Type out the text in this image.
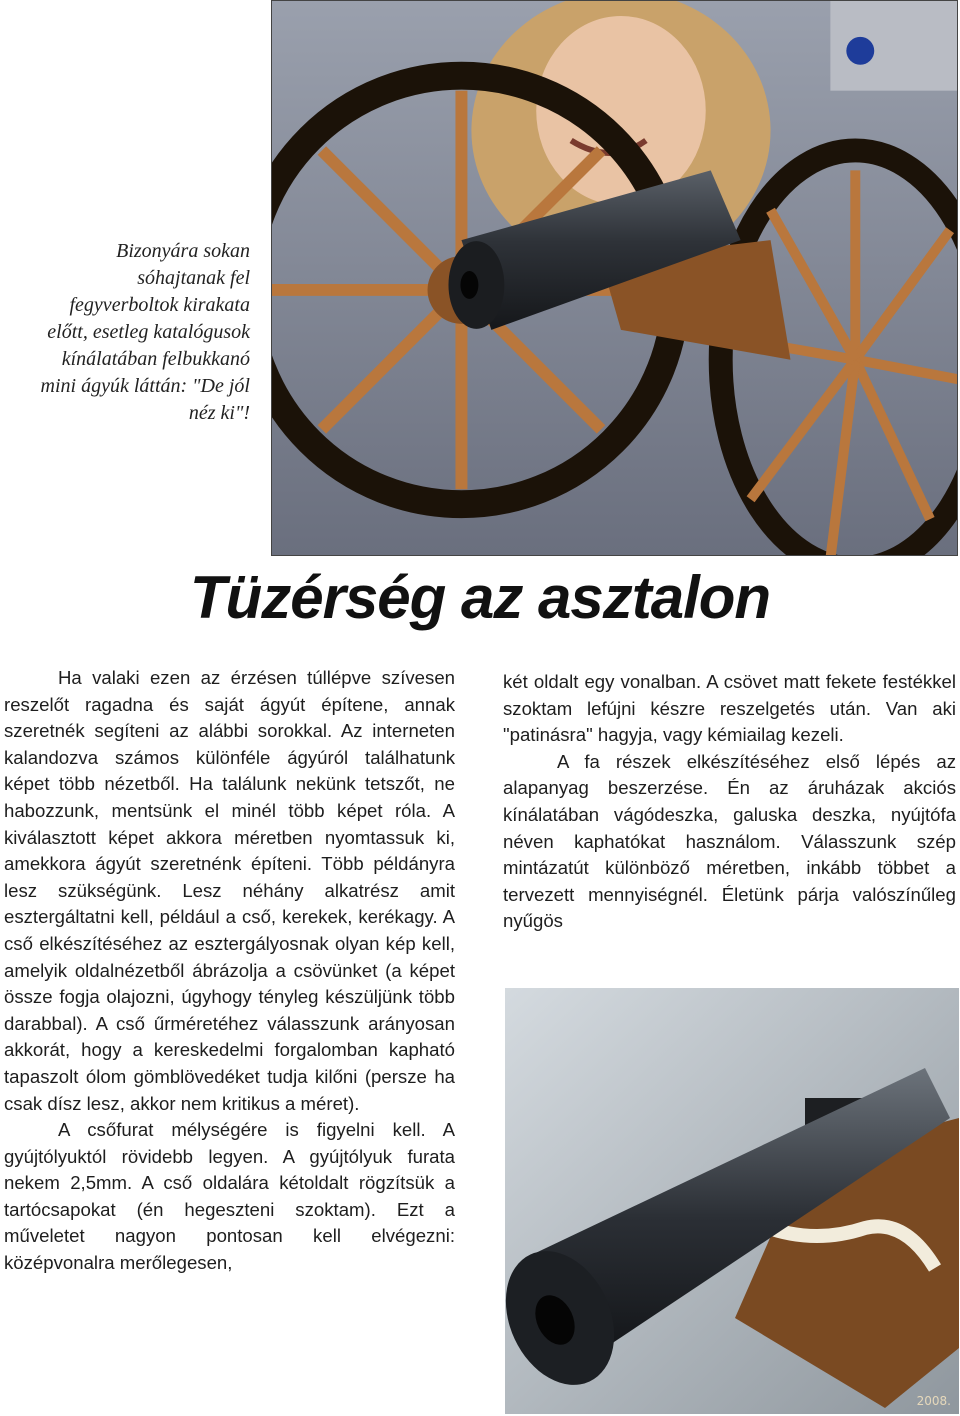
Bizonyára sokan sóhajtanak fel fegyverboltok kirakata előtt, esetleg katalógusok kínálatában felbukkanó mini ágyúk láttán: "De jól néz ki"!
Tüzérség az asztalon

Ha valaki ezen az érzésen túllépve szívesen reszelőt ragadna és saját ágyút építene, annak szeretnék segíteni az alábbi sorokkal. Az interneten kalandozva számos különféle ágyúról találhatunk képet több nézetből. Ha találunk nekünk tetszőt, ne habozzunk, mentsünk el minél több képet róla. A kiválasztott képet akkora méretben nyomtassuk ki, amekkora ágyút szeretnénk építeni. Több példányra lesz szükségünk. Lesz néhány alkatrész amit esztergáltatni kell, például a cső, kerekek, kerékagy. A cső elkészítéséhez az esztergályosnak olyan kép kell, amelyik oldalnézetből ábrázolja a csövünket (a képet össze fogja olajozni, úgyhogy tényleg készüljünk több darabbal). A cső űrméretéhez válasszunk arányosan akkorát, hogy a kereskedelmi forgalomban kapható tapaszolt ólom gömblövedéket tudja kilőni (persze ha csak dísz lesz, akkor nem kritikus a méret).

A csőfurat mélységére is figyelni kell. A gyújtólyuktól rövidebb legyen. A gyújtólyuk furata nekem 2,5mm. A cső oldalára kétoldalt rögzítsük a tartócsapokat (én hegeszteni szoktam). Ezt a műveletet nagyon pontosan kell elvégezni: középvonalra merőlegesen,

két oldalt egy vonalban. A csövet matt fekete festékkel szoktam lefújni készre reszelgetés után. Van aki "patinásra" hagyja, vagy kémiailag kezeli.

A fa részek elkészítéséhez első lépés az alapanyag beszerzése. Én az áruházak akciós kínálatában vágódeszka, galuska deszka, nyújtófa néven kaphatókat használom. Válasszunk szép mintázatút különböző méretben, inkább többet a tervezett mennyiségnél. Életünk párja valószínűleg nyűgös

2008.
